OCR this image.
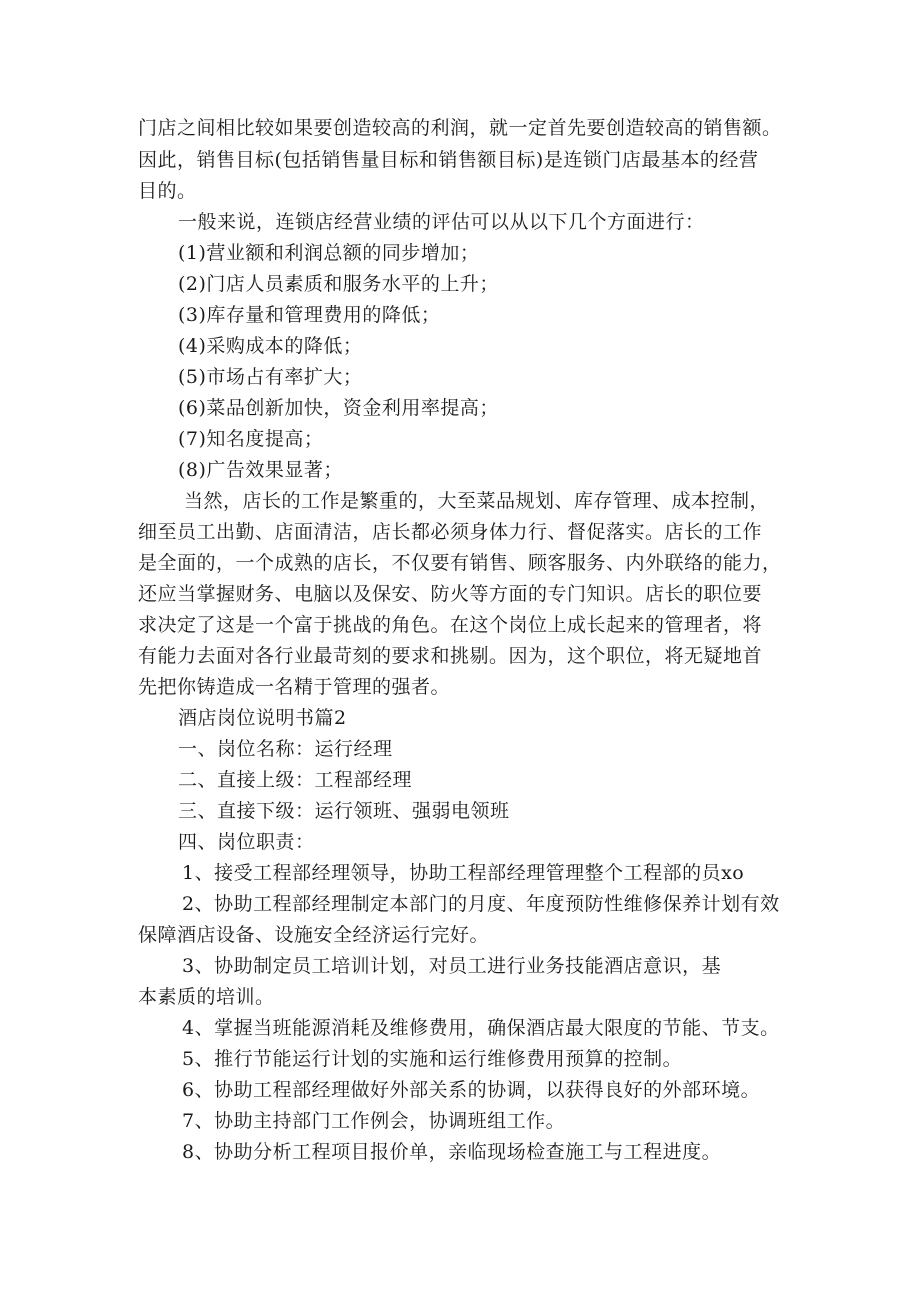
门店之间相比较如果要创造较高的利润，就一定首先要创造较高的销售额。
因此，销售目标(包括销售量目标和销售额目标)是连锁门店最基本的经营
目的。
一般来说，连锁店经营业绩的评估可以从以下几个方面进行：
(1)营业额和利润总额的同步增加；
(2)门店人员素质和服务水平的上升；
(3)库存量和管理费用的降低；
(4)采购成本的降低；
(5)市场占有率扩大；
(6)菜品创新加快，资金利用率提高；
(7)知名度提高；
(8)广告效果显著；
当然，店长的工作是繁重的，大至菜品规划、库存管理、成本控制，
细至员工出勤、店面清洁，店长都必须身体力行、督促落实。店长的工作
是全面的，一个成熟的店长，不仅要有销售、顾客服务、内外联络的能力，
还应当掌握财务、电脑以及保安、防火等方面的专门知识。店长的职位要
求决定了这是一个富于挑战的角色。在这个岗位上成长起来的管理者，将
有能力去面对各行业最苛刻的要求和挑剔。因为，这个职位，将无疑地首
先把你铸造成一名精于管理的强者。
酒店岗位说明书篇2
一、岗位名称：运行经理
二、直接上级：工程部经理
三、直接下级：运行领班、强弱电领班
四、岗位职责：
1、接受工程部经理领导，协助工程部经理管理整个工程部的员xo
2、协助工程部经理制定本部门的月度、年度预防性维修保养计划有效
保障酒店设备、设施安全经济运行完好。
3、协助制定员工培训计划，对员工进行业务技能酒店意识，基
本素质的培训。
4、掌握当班能源消耗及维修费用，确保酒店最大限度的节能、节支。
5、推行节能运行计划的实施和运行维修费用预算的控制。
6、协助工程部经理做好外部关系的协调，以获得良好的外部环境。
7、协助主持部门工作例会，协调班组工作。
8、协助分析工程项目报价单，亲临现场检查施工与工程进度。
